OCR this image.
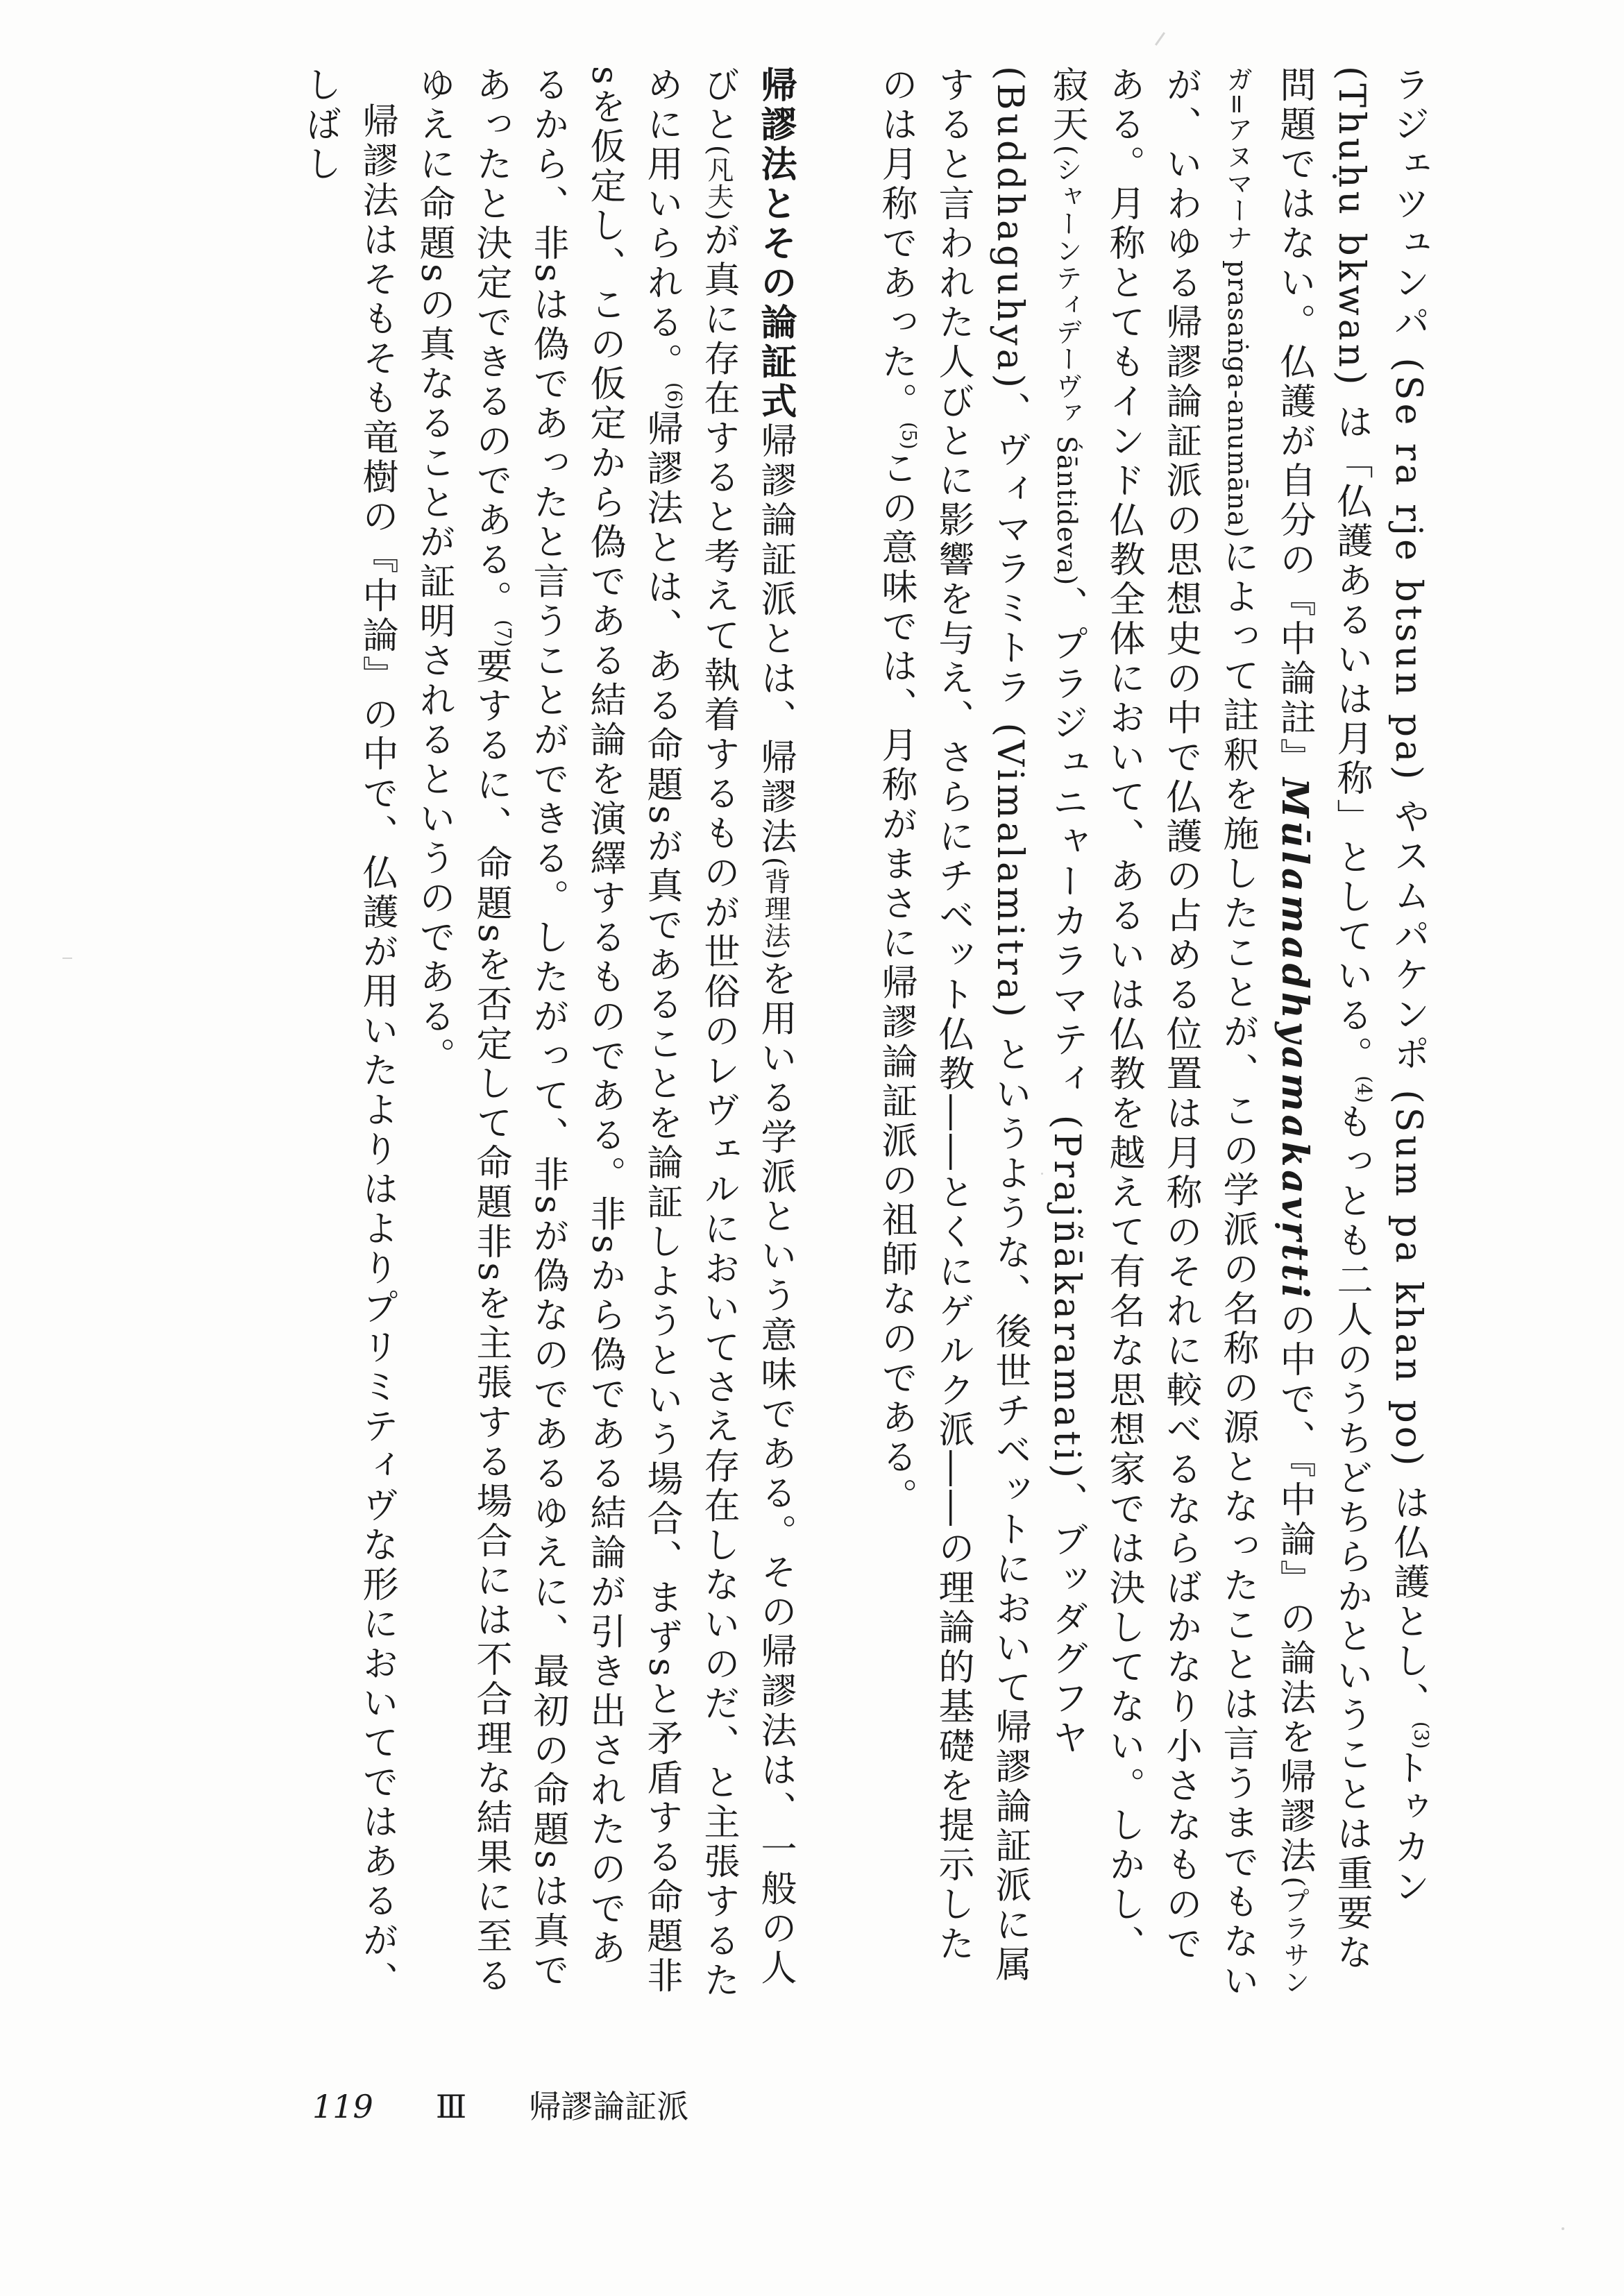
ラジェツュンパ (Se ra rje btsun pa) やスムパケンポ (Sum pa khan po) は仏護とし、$^{(3)}$トゥカン (Thuḥu bkwan) は「仏護あるいは月称」としている。$^{(4)}$もっとも二人のうちどちらかということは重要な問題ではない。仏護が自分の『中論註』Mūlamadhyamakavṛttiの中で、『中論』の論法を帰謬法(プラサンガ=アヌマーナ prasaṅga-anumāna)によって註釈を施したことが、この学派の名称の源となったことは言うまでもないが、いわゆる帰謬論証派の思想史の中で仏護の占める位置は月称のそれに較べるならばかなり小さなものである。月称とてもインド仏教全体において、あるいは仏教を越えて有名な思想家では決してない。しかし、寂天(シャーンティデーヴァ Śāntideva)、プラジュニャーカラマティ (Prajñākaramati)、ブッダグフヤ (Buddhaguhya)、ヴィマラミトラ (Vimalamitra) というような、後世チベットにおいて帰謬論証派に属すると言われた人びとに影響を与え、さらにチベット仏教――とくにゲルク派――の理論的基礎を提示したのは月称であった。$^{(5)}$この意味では、月称がまさに帰謬論証派の祖師なのである。

帰謬法とその論証式帰謬論証派とは、帰謬法(背理法)を用いる学派という意味である。その帰謬法は、一般の人びと(凡夫)が真に存在すると考えて執着するものが世俗のレヴェルにおいてさえ存在しないのだ、と主張するために用いられる。$^{(6)}$帰謬法とは、ある命題sが真であることを論証しようという場合、まずsと矛盾する命題非sを仮定し、この仮定から偽である結論を演繹するものである。非sから偽である結論が引き出されたのであるから、非sは偽であったと言うことができる。したがって、非sが偽なのであるゆえに、最初の命題sは真であったと決定できるのである。$^{(7)}$要するに、命題sを否定して命題非sを主張する場合には不合理な結果に至るゆえに命題sの真なることが証明されるというのである。

帰謬法はそもそも竜樹の『中論』の中で、仏護が用いたよりはよりプリミティヴな形においてではあるが、しばし

119 Ⅲ 帰謬論証派
